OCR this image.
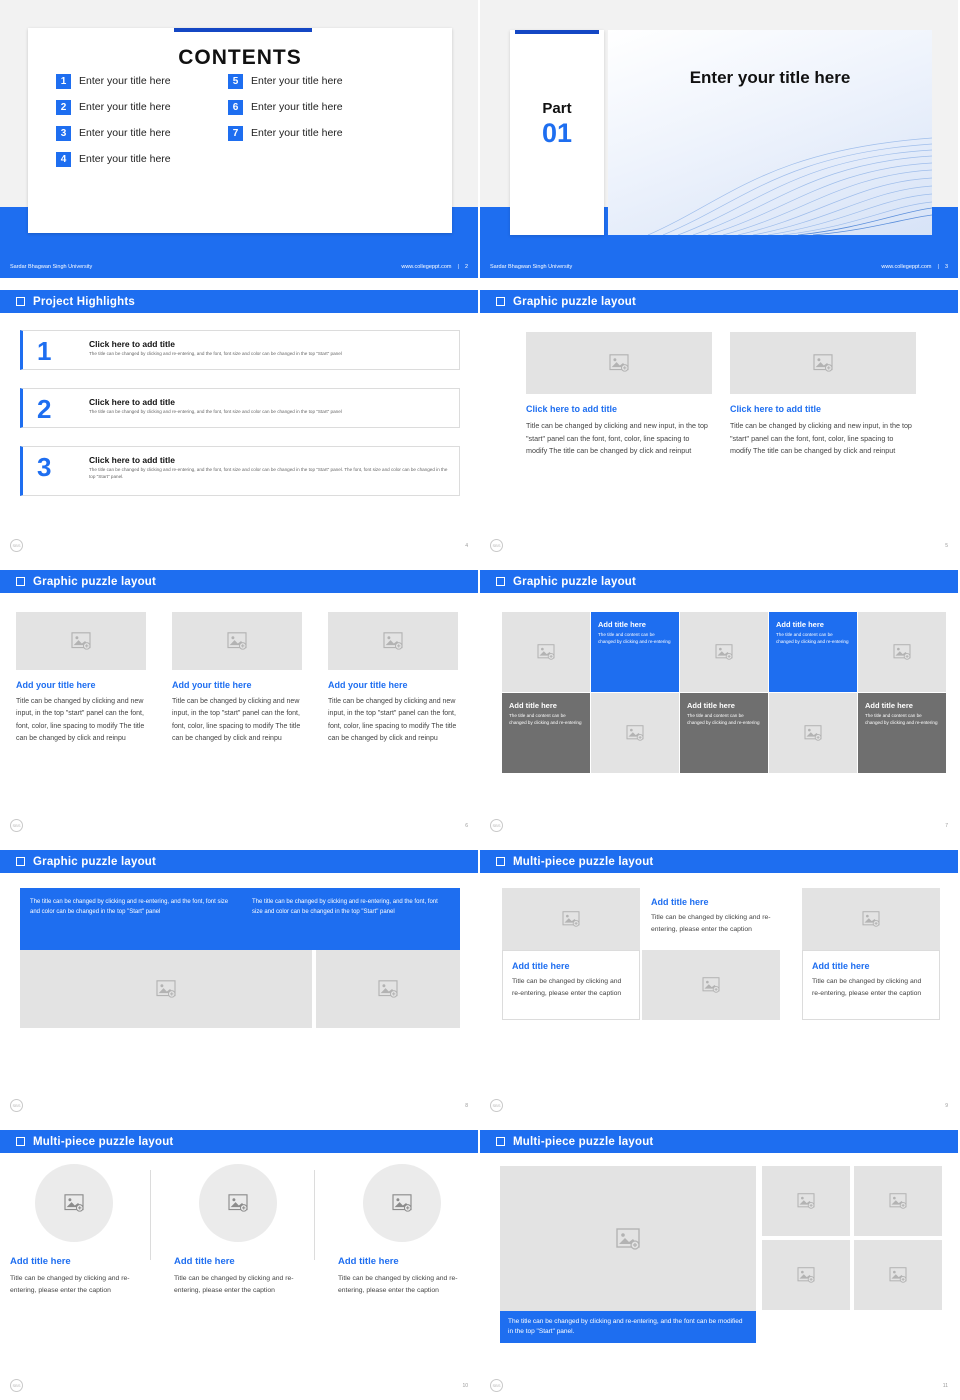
CONTENTS
1	Enter your title here	5	Enter your title here
2	Enter your title here	6	Enter your title here
3	Enter your title here	7	Enter your title here
4	Enter your title here
Sardar Bhagwan Singh University	www.collegeppt.com | 2
Enter your title here
Part
01
Sardar Bhagwan Singh University	www.collegeppt.com | 3
Project Highlights
1	Click here to add title
The title can be changed by clicking and re-entering, and the font, font size and color can be changed in the top "Start" panel
2	Click here to add title
The title can be changed by clicking and re-entering, and the font, font size and color can be changed in the top "Start" panel
3	Click here to add title
The title can be changed by clicking and re-entering, and the font, font size and color can be changed in the top "Start" panel. The font, font size and color can be changed in the top "Start" panel.
SBS	4
Graphic puzzle layout
Click here to add title
Title can be changed by clicking and new input, in the top "start" panel can the font, font, color, line spacing to modify The title can be changed by click and reinput
Click here to add title
Title can be changed by clicking and new input, in the top "start" panel can the font, font, color, line spacing to modify The title can be changed by click and reinput
SBS	5
Graphic puzzle layout
Add your title here
Title can be changed by clicking and new input, in the top "start" panel can the font, font, color, line spacing to modify The title can be changed by click and reinpu
Add your title here
Title can be changed by clicking and new input, in the top "start" panel can the font, font, color, line spacing to modify The title can be changed by click and reinpu
Add your title here
Title can be changed by clicking and new input, in the top "start" panel can the font, font, color, line spacing to modify The title can be changed by click and reinpu
SBS	6
Graphic puzzle layout
Add title here
The title and content can be changed by clicking and re-entering
Add title here
The title and content can be changed by clicking and re-entering
Add title here
The title and content can be changed by clicking and re-entering
Add title here
The title and content can be changed by clicking and re-entering
Add title here
The title and content can be changed by clicking and re-entering
SBS	7
Graphic puzzle layout
The title can be changed by clicking and re-entering, and the font, font size and color can be changed in the top "Start" panel
The title can be changed by clicking and re-entering, and the font, font size and color can be changed in the top "Start" panel
SBS	8
Multi-piece puzzle layout
Add title here
Title can be changed by clicking and re-entering, please enter the caption
Add title here
Title can be changed by clicking and re-entering, please enter the caption
Add title here
Title can be changed by clicking and re-entering, please enter the caption
SBS	9
Multi-piece puzzle layout
Add title here
Title can be changed by clicking and re-entering, please enter the caption
Add title here
Title can be changed by clicking and re-entering, please enter the caption
Add title here
Title can be changed by clicking and re-entering, please enter the caption
SBS	10
Multi-piece puzzle layout
The title can be changed by clicking and re-entering, and the font can be modified in the top "Start" panel.
SBS	11
